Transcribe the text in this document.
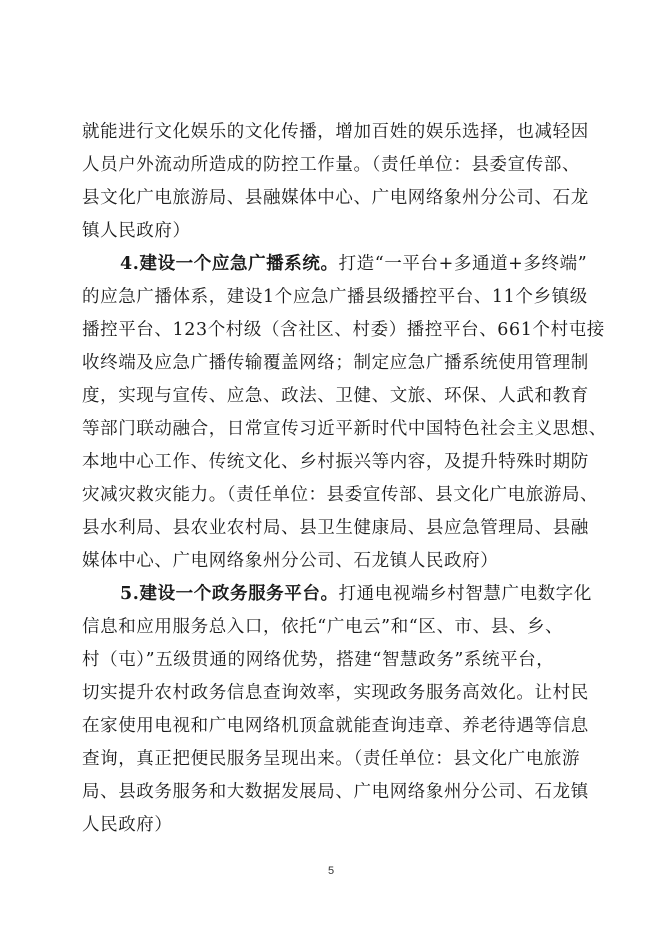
就能进行文化娱乐的文化传播，增加百姓的娱乐选择，也减轻因
人员户外流动所造成的防控工作量。（责任单位：县委宣传部、
县文化广电旅游局、县融媒体中心、广电网络象州分公司、石龙
镇人民政府）
4.建设一个应急广播系统。打造“一平台+多通道+多终端”
的应急广播体系，建设1个应急广播县级播控平台、11个乡镇级
播控平台、123个村级（含社区、村委）播控平台、661个村屯接
收终端及应急广播传输覆盖网络；制定应急广播系统使用管理制
度，实现与宣传、应急、政法、卫健、文旅、环保、人武和教育
等部门联动融合，日常宣传习近平新时代中国特色社会主义思想、
本地中心工作、传统文化、乡村振兴等内容，及提升特殊时期防
灾减灾救灾能力。（责任单位：县委宣传部、县文化广电旅游局、
县水利局、县农业农村局、县卫生健康局、县应急管理局、县融
媒体中心、广电网络象州分公司、石龙镇人民政府）
5.建设一个政务服务平台。打通电视端乡村智慧广电数字化
信息和应用服务总入口，依托“广电云”和“区、市、县、乡、
村（屯）”五级贯通的网络优势，搭建“智慧政务”系统平台，
切实提升农村政务信息查询效率，实现政务服务高效化。让村民
在家使用电视和广电网络机顶盒就能查询违章、养老待遇等信息
查询，真正把便民服务呈现出来。（责任单位：县文化广电旅游
局、县政务服务和大数据发展局、广电网络象州分公司、石龙镇
人民政府）
5
